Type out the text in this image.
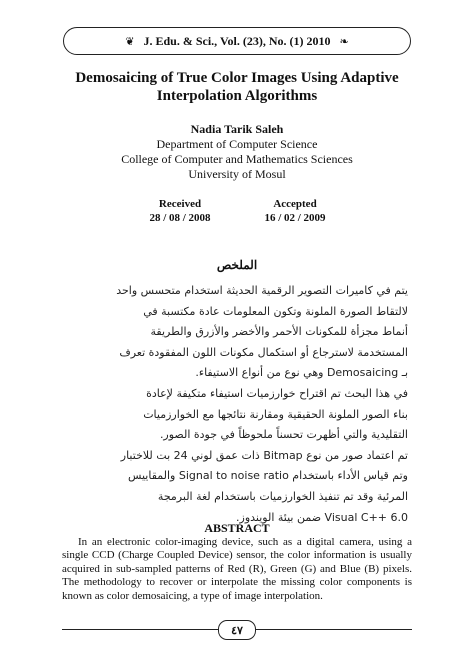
❦ J. Edu. & Sci., Vol. (23), No. (1) 2010 ❧
Demosaicing of True Color Images Using Adaptive
Interpolation Algorithms
Nadia Tarik Saleh
Department of Computer Science
College of Computer and Mathematics Sciences
University of Mosul
Received
28 / 08 / 2008
Accepted
16 / 02 / 2009
الملخص
يتم في كاميرات التصوير الرقمية الحديثة استخدام متحسس واحد
لالتقاط الصورة الملونة وتكون المعلومات عادة مكتسبة في
أنماط مجزأة للمكونات الأحمر والأخضر والأزرق والطريقة
المستخدمة لاسترجاع أو استكمال مكونات اللون المفقودة تعرف
بـ Demosaicing وهي نوع من أنواع الاستيفاء.
في هذا البحث تم اقتراح خوارزميات استيفاء متكيفة لإعادة
بناء الصور الملونة الحقيقية ومقارنة نتائجها مع الخوارزميات
التقليدية والتي أظهرت تحسناً ملحوظاً في جودة الصور.
تم اعتماد صور من نوع Bitmap ذات عمق لوني 24 بت للاختبار
وتم قياس الأداء باستخدام Signal to noise ratio والمقاييس
المرئية وقد تم تنفيذ الخوارزميات باستخدام لغة البرمجة
Visual C++ 6.0 ضمن بيئة الويندوز.
ABSTRACT

In an electronic color-imaging device, such as a digital camera, using a single CCD (Charge Coupled Device) sensor, the color information is usually acquired in sub-sampled patterns of Red (R), Green (G) and Blue (B) pixels. The methodology to recover or interpolate the missing color components is known as color demosaicing, a type of image interpolation.

٤٧
